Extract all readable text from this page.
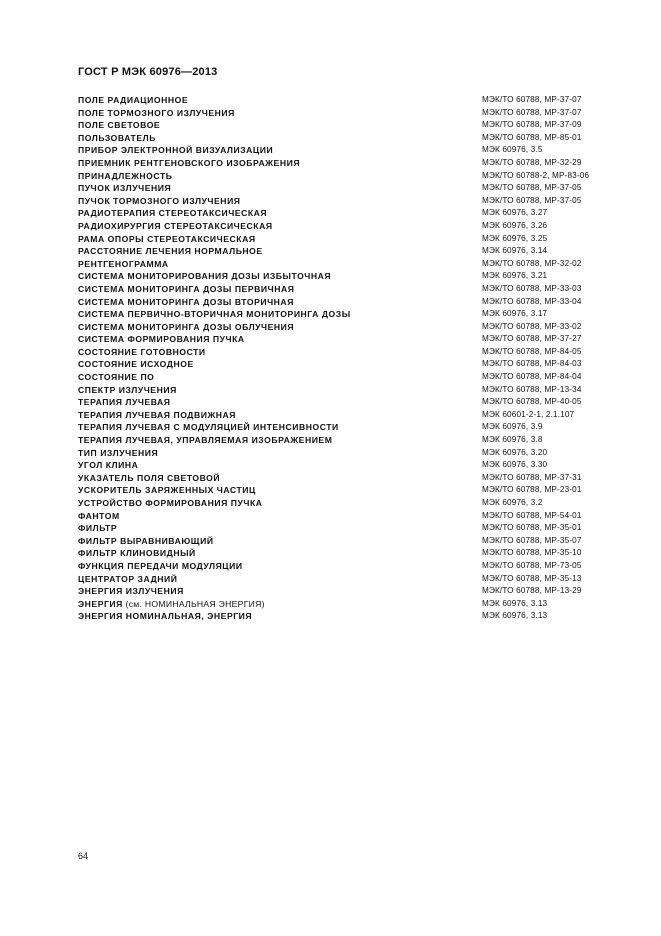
ГОСТ Р МЭК 60976—2013
ПОЛЕ РАДИАЦИОННОЕ	МЭК/ТО 60788, МР-37-07
ПОЛЕ ТОРМОЗНОГО ИЗЛУЧЕНИЯ	МЭК/ТО 60788, МР-37-07
ПОЛЕ СВЕТОВОЕ	МЭК/ТО 60788, МР-37-09
ПОЛЬЗОВАТЕЛЬ	МЭК/ТО 60788, МР-85-01
ПРИБОР ЭЛЕКТРОННОЙ ВИЗУАЛИЗАЦИИ	МЭК 60976, 3.5
ПРИЕМНИК РЕНТГЕНОВСКОГО ИЗОБРАЖЕНИЯ	МЭК/ТО 60788, МР-32-29
ПРИНАДЛЕЖНОСТЬ	МЭК/ТО 60788-2, МР-83-06
ПУЧОК ИЗЛУЧЕНИЯ	МЭК/ТО 60788, МР-37-05
ПУЧОК ТОРМОЗНОГО ИЗЛУЧЕНИЯ	МЭК/ТО 60788, МР-37-05
РАДИОТЕРАПИЯ СТЕРЕОТАКСИЧЕСКАЯ	МЭК 60976, 3.27
РАДИОХИРУРГИЯ СТЕРЕОТАКСИЧЕСКАЯ	МЭК 60976, 3.26
РАМА ОПОРЫ СТЕРЕОТАКСИЧЕСКАЯ	МЭК 60976, 3.25
РАССТОЯНИЕ ЛЕЧЕНИЯ НОРМАЛЬНОЕ	МЭК 60976, 3.14
РЕНТГЕНОГРАММА	МЭК/ТО 60788, МР-32-02
СИСТЕМА МОНИТОРИРОВАНИЯ ДОЗЫ ИЗБЫТОЧНАЯ	МЭК 60976, 3.21
СИСТЕМА МОНИТОРИНГА ДОЗЫ ПЕРВИЧНАЯ	МЭК/ТО 60788, МР-33-03
СИСТЕМА МОНИТОРИНГА ДОЗЫ ВТОРИЧНАЯ	МЭК/ТО 60788, МР-33-04
СИСТЕМА ПЕРВИЧНО-ВТОРИЧНАЯ МОНИТОРИНГА ДОЗЫ	МЭК 60976, 3.17
СИСТЕМА МОНИТОРИНГА ДОЗЫ ОБЛУЧЕНИЯ	МЭК/ТО 60788, МР-33-02
СИСТЕМА ФОРМИРОВАНИЯ ПУЧКА	МЭК/ТО 60788, МР-37-27
СОСТОЯНИЕ ГОТОВНОСТИ	МЭК/ТО 60788, МР-84-05
СОСТОЯНИЕ ИСХОДНОЕ	МЭК/ТО 60788, МР-84-03
СОСТОЯНИЕ ПО	МЭК/ТО 60788, МР-84-04
СПЕКТР ИЗЛУЧЕНИЯ	МЭК/ТО 60788, МР-13-34
ТЕРАПИЯ ЛУЧЕВАЯ	МЭК/ТО 60788, МР-40-05
ТЕРАПИЯ ЛУЧЕВАЯ ПОДВИЖНАЯ	МЭК 60601-2-1, 2.1.107
ТЕРАПИЯ ЛУЧЕВАЯ С МОДУЛЯЦИЕЙ ИНТЕНСИВНОСТИ	МЭК 60976, 3.9
ТЕРАПИЯ ЛУЧЕВАЯ, УПРАВЛЯЕМАЯ ИЗОБРАЖЕНИЕМ	МЭК 60976, 3.8
ТИП ИЗЛУЧЕНИЯ	МЭК 60976, 3.20
УГОЛ КЛИНА	МЭК 60976, 3.30
УКАЗАТЕЛЬ ПОЛЯ СВЕТОВОЙ	МЭК/ТО 60788, МР-37-31
УСКОРИТЕЛЬ ЗАРЯЖЕННЫХ ЧАСТИЦ	МЭК/ТО 60788, МР-23-01
УСТРОЙСТВО ФОРМИРОВАНИЯ ПУЧКА	МЭК 60976, 3.2
ФАНТОМ	МЭК/ТО 60788, МР-54-01
ФИЛЬТР	МЭК/ТО 60788, МР-35-01
ФИЛЬТР ВЫРАВНИВАЮЩИЙ	МЭК/ТО 60788, МР-35-07
ФИЛЬТР КЛИНОВИДНЫЙ	МЭК/ТО 60788, МР-35-10
ФУНКЦИЯ ПЕРЕДАЧИ МОДУЛЯЦИИ	МЭК/ТО 60788, МР-73-05
ЦЕНТРАТОР ЗАДНИЙ	МЭК/ТО 60788, МР-35-13
ЭНЕРГИЯ ИЗЛУЧЕНИЯ	МЭК/ТО 60788, МР-13-29
ЭНЕРГИЯ (см. НОМИНАЛЬНАЯ ЭНЕРГИЯ)	МЭК 60976, 3.13
ЭНЕРГИЯ НОМИНАЛЬНАЯ, ЭНЕРГИЯ	МЭК 60976, 3.13
64
